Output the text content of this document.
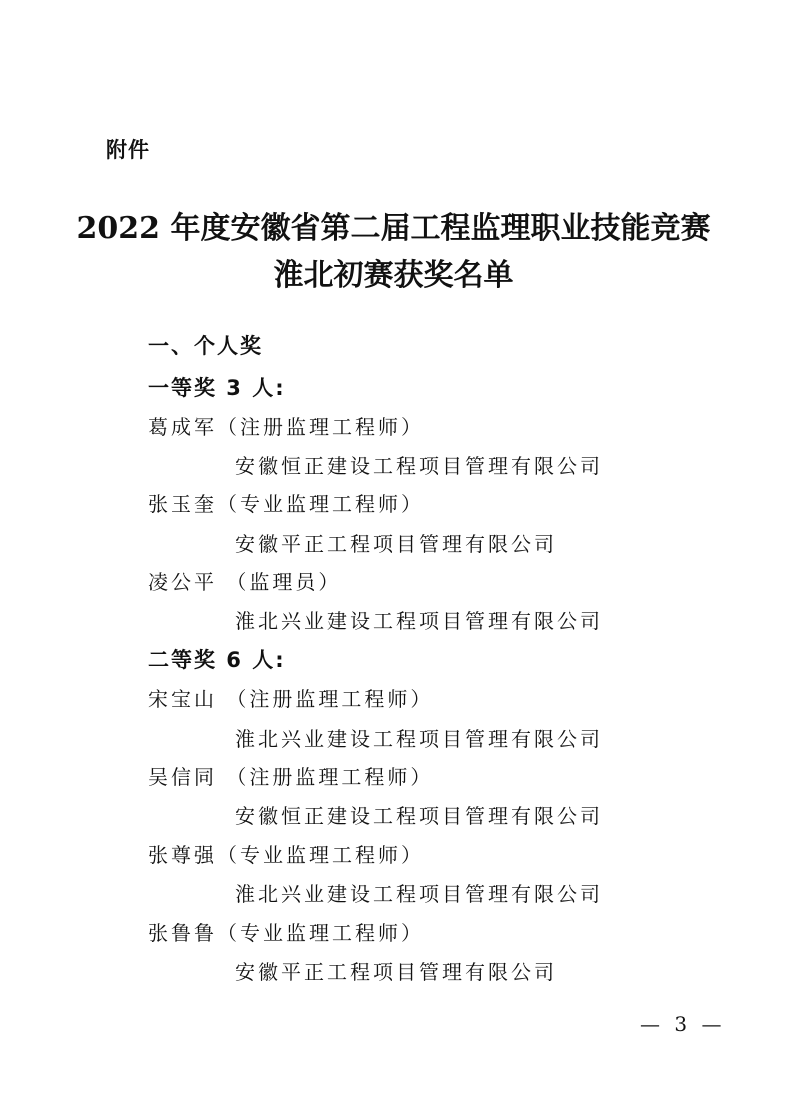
附件
2022 年度安徽省第二届工程监理职业技能竞赛
淮北初赛获奖名单
一、个人奖
一等奖 3 人:
葛成军（注册监理工程师）
安徽恒正建设工程项目管理有限公司
张玉奎（专业监理工程师）
安徽平正工程项目管理有限公司
凌公平 （监理员）
淮北兴业建设工程项目管理有限公司
二等奖 6 人:
宋宝山 （注册监理工程师）
淮北兴业建设工程项目管理有限公司
吴信同 （注册监理工程师）
安徽恒正建设工程项目管理有限公司
张尊强（专业监理工程师）
淮北兴业建设工程项目管理有限公司
张鲁鲁（专业监理工程师）
安徽平正工程项目管理有限公司
— 3 —
